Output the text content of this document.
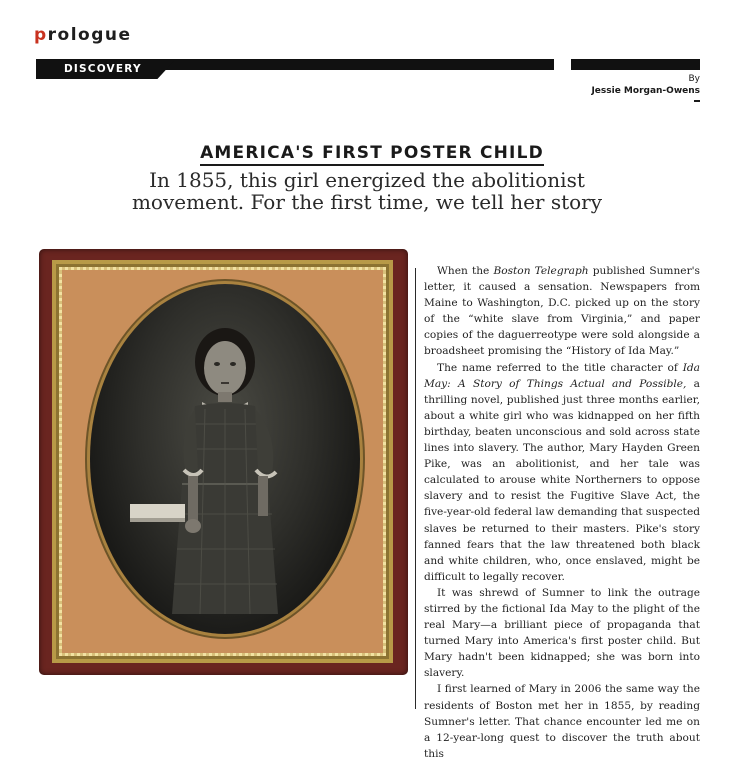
prologue
DISCOVERY
By
Jessie Morgan-Owens
AMERICA'S FIRST POSTER CHILD
In 1855, this girl energized the abolitionist
movement. For the first time, we tell her story

When the Boston Telegraph published Sumner's letter, it caused a sensation. Newspapers from Maine to Washington, D.C. picked up on the story of the “white slave from Virginia,” and paper copies of the daguerreotype were sold alongside a broadsheet promising the “History of Ida May.”

The name referred to the title character of Ida May: A Story of Things Actual and Possible, a thrilling novel, published just three months earlier, about a white girl who was kidnapped on her fifth birthday, beaten unconscious and sold across state lines into slavery. The author, Mary Hayden Green Pike, was an abolitionist, and her tale was calculated to arouse white Northerners to oppose slavery and to resist the Fugitive Slave Act, the five-year-old federal law demanding that suspected slaves be returned to their masters. Pike's story fanned fears that the law threatened both black and white children, who, once enslaved, might be difficult to legally recover.

It was shrewd of Sumner to link the outrage stirred by the fictional Ida May to the plight of the real Mary—a brilliant piece of propaganda that turned Mary into America's first poster child. But Mary hadn't been kidnapped; she was born into slavery.

I first learned of Mary in 2006 the same way the residents of Boston met her in 1855, by reading Sumner's letter. That chance encounter led me on a 12-year-long quest to discover the truth about this
